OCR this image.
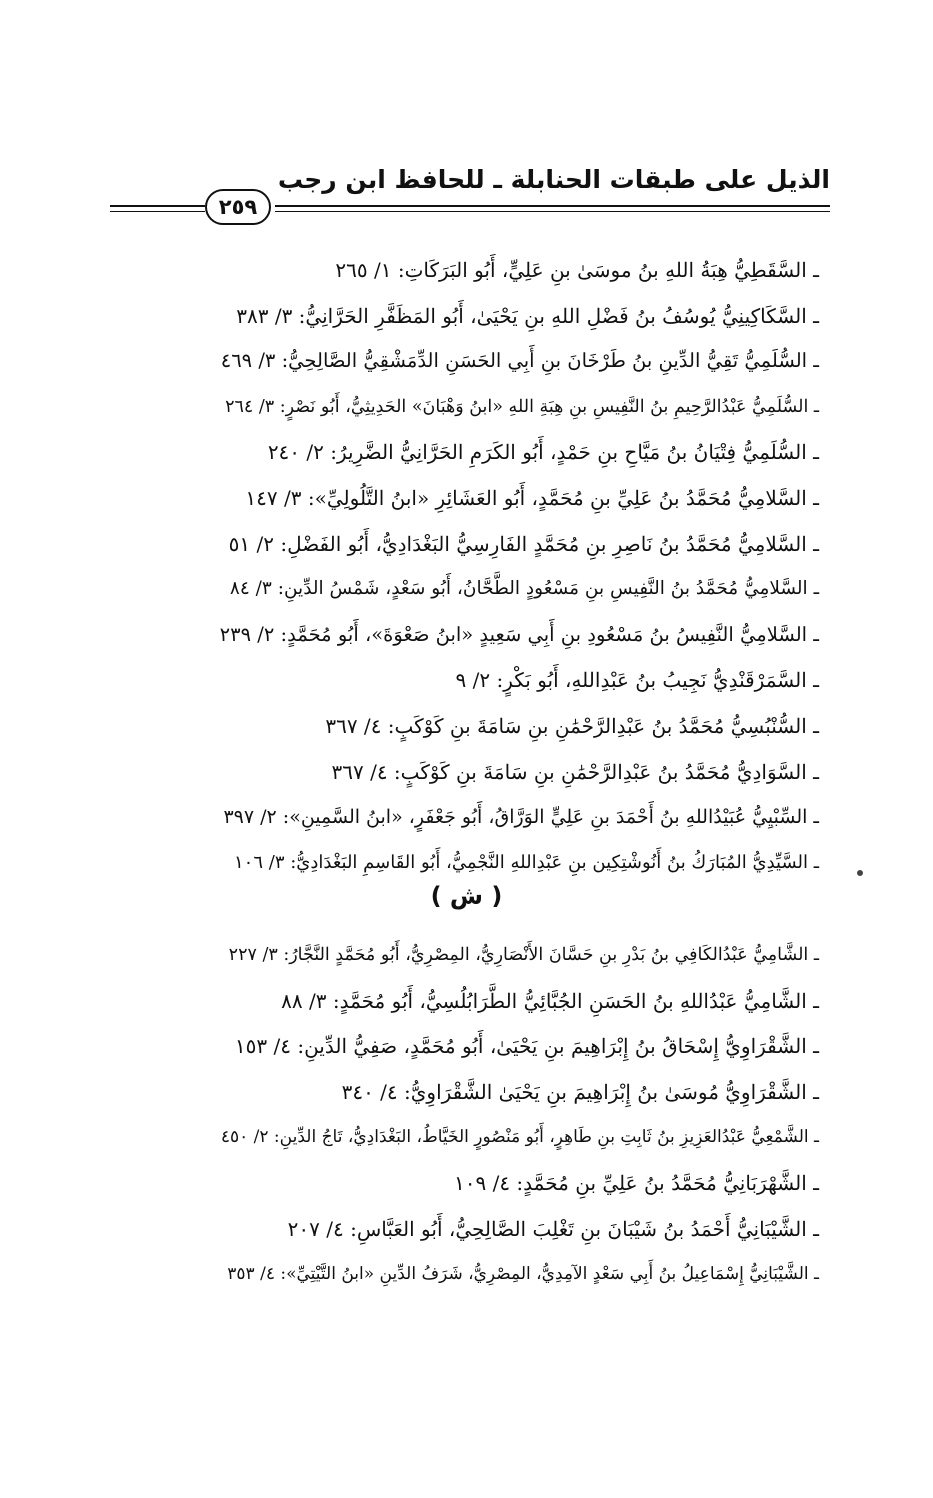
الذيل على طبقات الحنابلة ـ للحافظ ابن رجب
٢٥٩
ـ السَّقَطِيُّ هِبَةُ اللهِ بنُ موسَىٰ بنِ عَلِيٍّ، أَبُو البَرَكَاتِ: ١/ ٢٦٥
ـ السَّكَاكِينِيُّ يُوسُفُ بنُ فَضْلِ اللهِ بنِ يَحْيَىٰ، أَبُو المَظَفَّرِ الحَرَّانِيُّ: ٣/ ٣٨٣
ـ السُّلَمِيُّ تَقِيُّ الدِّينِ بنُ طَرْخَانَ بنِ أَبِي الحَسَنِ الدِّمَشْقِيُّ الصَّالِحِيُّ: ٣/ ٤٦٩
ـ السُّلَمِيُّ عَبْدُالرَّحِيمِ بنُ النَّفِيسِ بنِ هِبَةِ اللهِ «ابنُ وَهْبَانَ» الحَدِيثِيُّ، أَبُو نَصْرٍ: ٣/ ٢٦٤
ـ السُّلَمِيُّ فِتْيَانُ بنُ مَيَّاحِ بنِ حَمْدٍ، أَبُو الكَرَمِ الحَرَّانِيُّ الضَّرِيرُ: ٢/ ٢٤٠
ـ السَّلامِيُّ مُحَمَّدُ بنُ عَلِيِّ بنِ مُحَمَّدٍ، أَبُو العَشَائِرِ «ابنُ التَّلُولِيِّ»: ٣/ ١٤٧
ـ السَّلامِيُّ مُحَمَّدُ بنُ نَاصِرِ بنِ مُحَمَّدٍ الفَارِسِيُّ البَغْدَادِيُّ، أَبُو الفَضْلِ: ٢/ ٥١
ـ السَّلامِيُّ مُحَمَّدُ بنُ النَّفِيسِ بنِ مَسْعُودٍ الطَّحَّانُ، أَبُو سَعْدٍ، شَمْسُ الدِّينِ: ٣/ ٨٤
ـ السَّلامِيُّ النَّفِيسُ بنُ مَسْعُودِ بنِ أَبِي سَعِيدٍ «ابنُ صَعْوَةَ»، أَبُو مُحَمَّدٍ: ٢/ ٢٣٩
ـ السَّمَرْقَنْدِيُّ نَجِيبُ بنُ عَبْدِاللهِ، أَبُو بَكْرٍ: ٢/ ٩
ـ السُّنْبُسِيُّ مُحَمَّدُ بنُ عَبْدِالرَّحْمَٰنِ بنِ سَامَةَ بنِ كَوْكَبٍ: ٤/ ٣٦٧
ـ السَّوَادِيُّ مُحَمَّدُ بنُ عَبْدِالرَّحْمَٰنِ بنِ سَامَةَ بنِ كَوْكَبٍ: ٤/ ٣٦٧
ـ السِّبْيِيُّ عُبَيْدُاللهِ بنُ أَحْمَدَ بنِ عَلِيٍّ الوَرَّاقُ، أَبُو جَعْفَرٍ، «ابنُ السَّمِينِ»: ٢/ ٣٩٧
ـ السَّيِّدِيُّ المُبَارَكُ بنُ أَنُوشْتِكِين بنِ عَبْدِاللهِ النَّجْمِيُّ، أَبُو القَاسِمِ البَغْدَادِيُّ: ٣/ ١٠٦
( ش )
ـ الشَّامِيُّ عَبْدُالكَافِي بنُ بَدْرِ بنِ حَسَّانَ الأَنْصَارِيُّ، المِصْرِيُّ، أَبُو مُحَمَّدٍ النَّجَّارُ: ٣/ ٢٢٧
ـ الشَّامِيُّ عَبْدُاللهِ بنُ الحَسَنِ الجُبَّائِيُّ الطَّرَابُلُسِيُّ، أَبُو مُحَمَّدٍ: ٣/ ٨٨
ـ الشَّقْرَاوِيُّ إِسْحَاقُ بنُ إِبْرَاهِيمَ بنِ يَحْيَىٰ، أَبُو مُحَمَّدٍ، صَفِيُّ الدِّينِ: ٤/ ١٥٣
ـ الشَّقْرَاوِيُّ مُوسَىٰ بنُ إِبْرَاهِيمَ بنِ يَحْيَىٰ الشَّقْرَاوِيُّ: ٤/ ٣٤٠
ـ الشَّمْعِيُّ عَبْدُالعَزِيزِ بنُ ثَابِتِ بنِ طَاهِرٍ، أَبُو مَنْصُورٍ الخَيَّاطُ، البَغْدَادِيُّ، تَاجُ الدِّينِ: ٢/ ٤٥٠
ـ الشَّهْرَبَانِيُّ مُحَمَّدُ بنُ عَلِيِّ بنِ مُحَمَّدٍ: ٤/ ١٠٩
ـ الشَّيْبَانِيُّ أَحْمَدُ بنُ شَيْبَانَ بنِ تَغْلِبَ الصَّالِحِيُّ، أَبُو العَبَّاسِ: ٤/ ٢٠٧
ـ الشَّيْبَانِيُّ إِسْمَاعِيلُ بنُ أَبِي سَعْدٍ الآمِدِيُّ، المِصْرِيُّ، شَرَفُ الدِّينِ «ابنُ التَّيْتِيِّ»: ٤/ ٣٥٣
